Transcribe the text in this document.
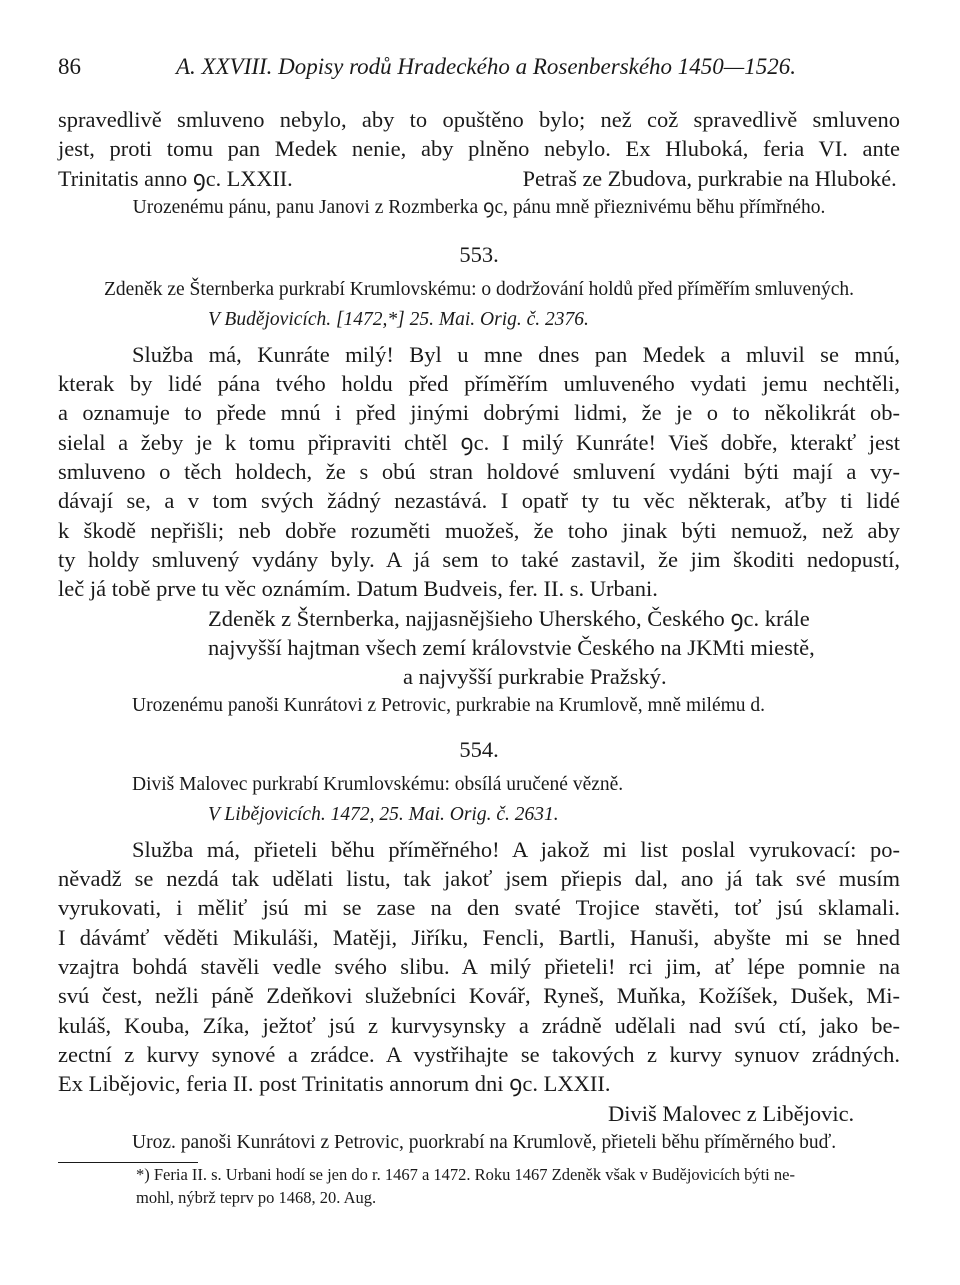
86	A. XXVIII. Dopisy rodů Hradeckého a Rosenberského 1450—1526.
spravedlivě smluveno nebylo, aby to opuštěno bylo; než což spravedlivě smluveno
jest, proti tomu pan Medek nenie, aby plněno nebylo. Ex Hluboká, feria VI. ante
Trinitatis anno ꝯc. LXXII.	Petraš ze Zbudova, purkrabie na Hluboké.
Urozenému pánu, panu Janovi z Rozmberka ꝯc, pánu mně přieznivému běhu přímřného.
553.
Zdeněk ze Šternberka purkrabí Krumlovskému: o dodržování holdů před příměřím smluvených.
V Budějovicích. [1472,*] 25. Mai. Orig. č. 2376.
Služba má, Kunráte milý! Byl u mne dnes pan Medek a mluvil se mnú,
kterak by lidé pána tvého holdu před příměřím umluveného vydati jemu nechtěli,
a oznamuje to přede mnú i před jinými dobrými lidmi, že je o to několikrát ob-
sielal a žeby je k tomu připraviti chtěl ꝯc. I milý Kunráte! Vieš dobře, kterakť jest
smluveno o těch holdech, že s obú stran holdové smluvení vydáni býti mají a vy-
dávají se, a v tom svých žádný nezastává. I opatř ty tu věc některak, aťby ti lidé
k škodě nepřišli; neb dobře rozuměti muožeš, že toho jinak býti nemuož, než aby
ty holdy smluvený vydány byly. A já sem to také zastavil, že jim škoditi nedopustí,
leč já tobě prve tu věc oznámím. Datum Budveis, fer. II. s. Urbani.
Zdeněk z Šternberka, najjasnějšieho Uherského, Českého ꝯc. krále
najvyšší hajtman všech zemí královstvie Českého na JKMti miestě,
a najvyšší purkrabie Pražský.
Urozenému panoši Kunrátovi z Petrovic, purkrabie na Krumlově, mně milému d.
554.
Diviš Malovec purkrabí Krumlovskému: obsílá uručené vězně.
V Libějovicích. 1472, 25. Mai. Orig. č. 2631.
Služba má, přieteli běhu příměřného! A jakož mi list poslal vyrukovací: po-
něvadž se nezdá tak udělati listu, tak jakoť jsem přiepis dal, ano já tak své musím
vyrukovati, i měliť jsú mi se zase na den svaté Trojice stavěti, toť jsú sklamali.
I dávámť věděti Mikuláši, Matěji, Jiříku, Fencli, Bartli, Hanuši, abyšte mi se hned
vzajtra bohdá stavěli vedle svého slibu. A milý přieteli! rci jim, ať lépe pomnie na
svú čest, nežli páně Zdeňkovi služebníci Kovář, Ryneš, Muňka, Kožíšek, Dušek, Mi-
kuláš, Kouba, Zíka, ježtoť jsú z kurvysynsky a zrádně udělali nad svú ctí, jako be-
zectní z kurvy synové a zrádce. A vystřihajte se takových z kurvy synuov zrádných.
Ex Libějovic, feria II. post Trinitatis annorum dni ꝯc. LXXII.
Diviš Malovec z Libějovic.
Uroz. panoši Kunrátovi z Petrovic, puorkrabí na Krumlově, přieteli běhu příměrného buď.
*) Feria II. s. Urbani hodí se jen do r. 1467 a 1472. Roku 1467 Zdeněk však v Budějovicích býti ne-
mohl, nýbrž teprv po 1468, 20. Aug.
